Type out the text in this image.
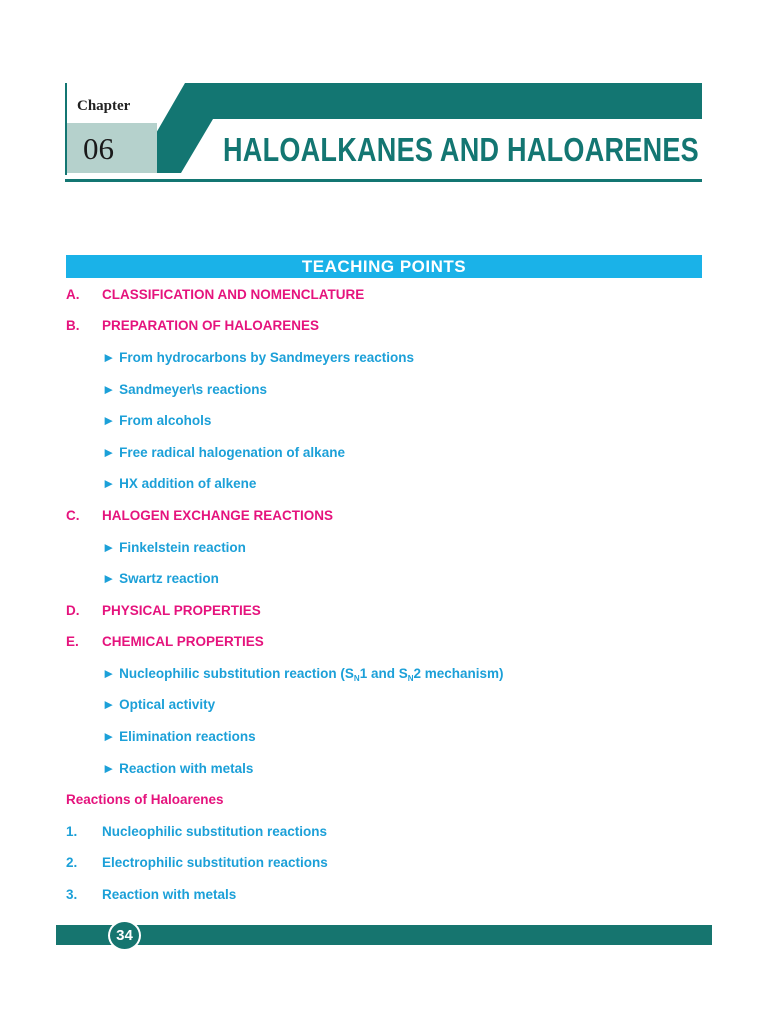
Chapter
06	HALOALKANES AND HALOARENES
TEACHING POINTS
A. CLASSIFICATION AND NOMENCLATURE
B. PREPARATION OF HALOARENES
► From hydrocarbons by Sandmeyers reactions
► Sandmeyer\s reactions
► From alcohols
► Free radical halogenation of alkane
► HX addition of alkene
C. HALOGEN EXCHANGE REACTIONS
► Finkelstein reaction
► Swartz reaction
D. PHYSICAL PROPERTIES
E. CHEMICAL PROPERTIES
► Nucleophilic substitution reaction ($S_N1$ and $S_N2$ mechanism)
► Optical activity
► Elimination reactions
► Reaction with metals
Reactions of Haloarenes
1. Nucleophilic substitution reactions
2. Electrophilic substitution reactions
3. Reaction with metals
34
